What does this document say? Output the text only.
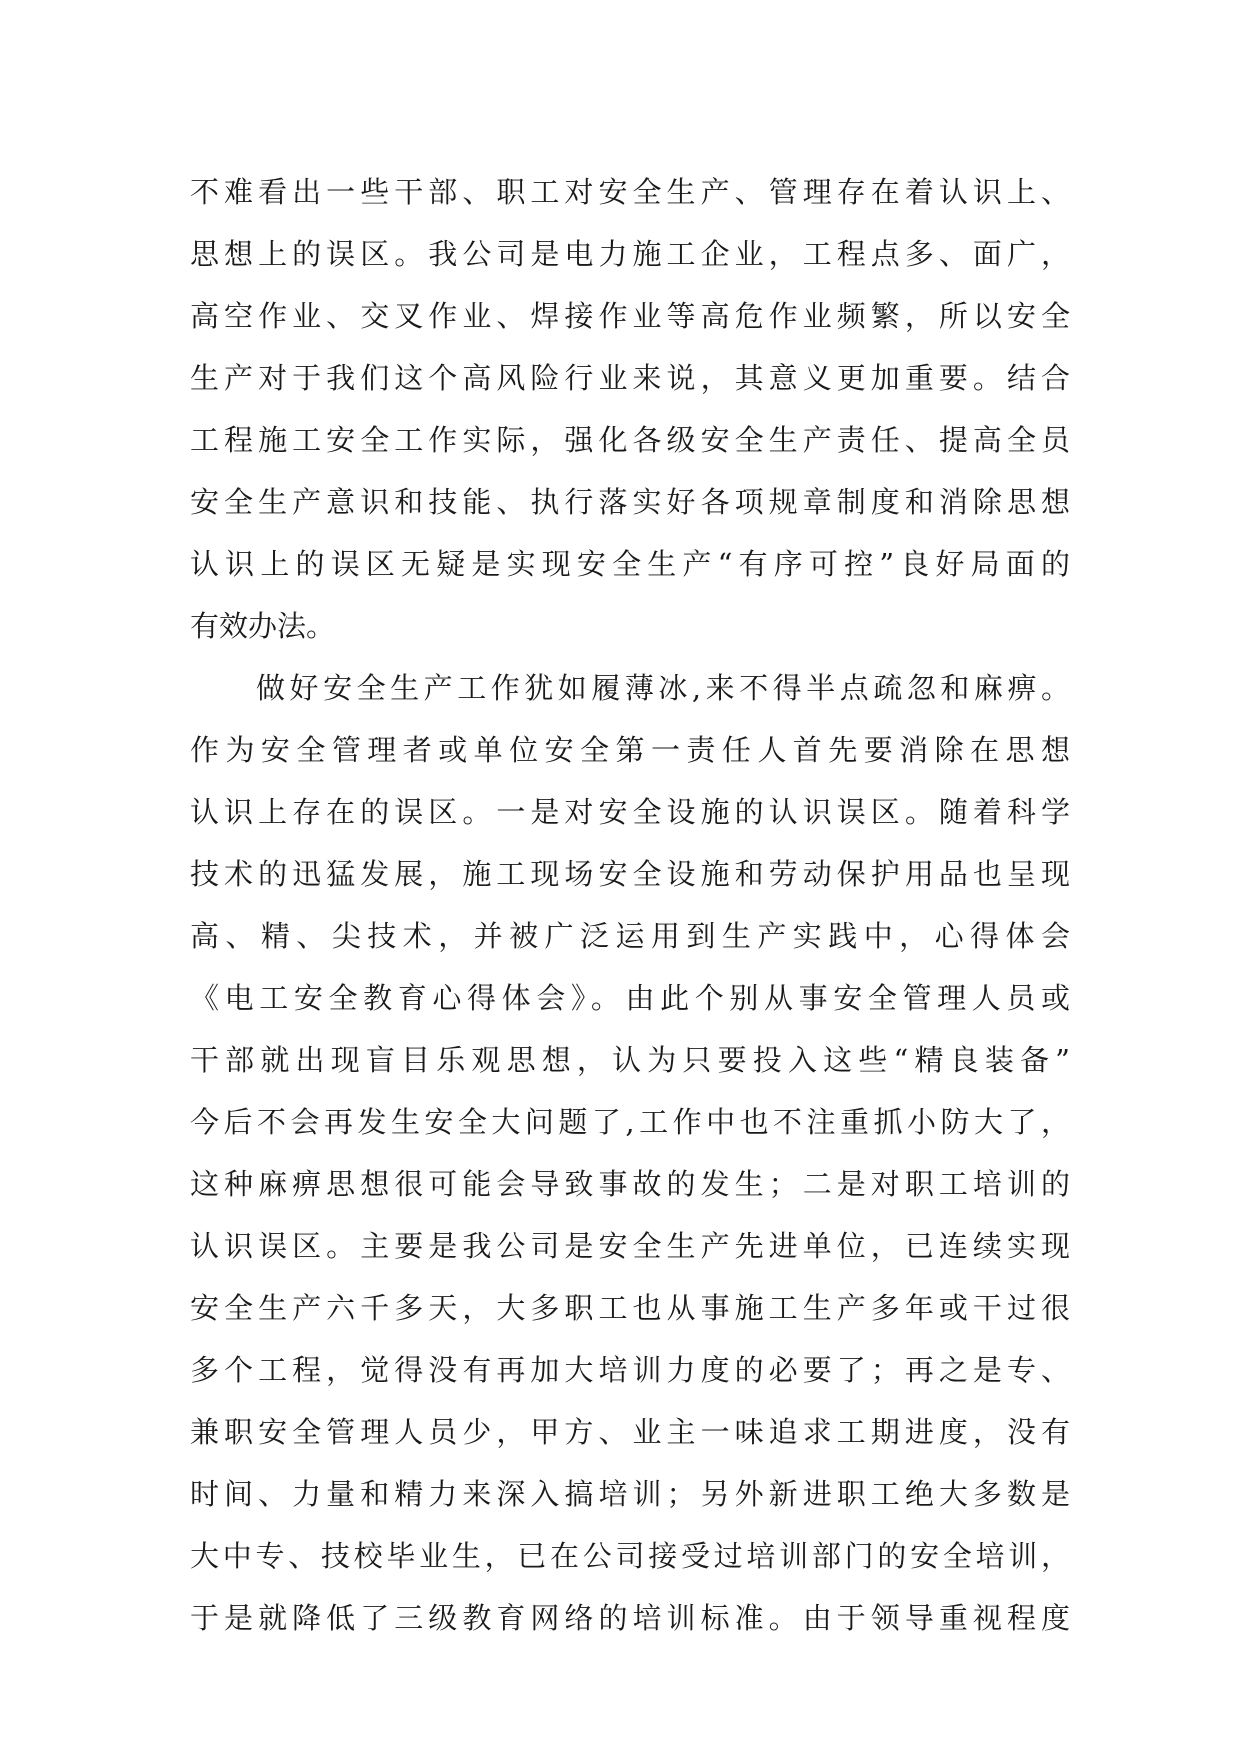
不难看出一些干部、职工对安全生产、管理存在着认识上、
思想上的误区。我公司是电力施工企业，工程点多、面广，
高空作业、交叉作业、焊接作业等高危作业频繁，所以安全
生产对于我们这个高风险行业来说，其意义更加重要。结合
工程施工安全工作实际，强化各级安全生产责任、提高全员
安全生产意识和技能、执行落实好各项规章制度和消除思想
认识上的误区无疑是实现安全生产“有序可控”良好局面的
有效办法。
做好安全生产工作犹如履薄冰,来不得半点疏忽和麻痹。
作为安全管理者或单位安全第一责任人首先要消除在思想
认识上存在的误区。一是对安全设施的认识误区。随着科学
技术的迅猛发展，施工现场安全设施和劳动保护用品也呈现
高、精、尖技术，并被广泛运用到生产实践中，心得体会
《电工安全教育心得体会》。由此个别从事安全管理人员或
干部就出现盲目乐观思想，认为只要投入这些“精良装备”
今后不会再发生安全大问题了,工作中也不注重抓小防大了，
这种麻痹思想很可能会导致事故的发生；二是对职工培训的
认识误区。主要是我公司是安全生产先进单位，已连续实现
安全生产六千多天，大多职工也从事施工生产多年或干过很
多个工程，觉得没有再加大培训力度的必要了；再之是专、
兼职安全管理人员少，甲方、业主一味追求工期进度，没有
时间、力量和精力来深入搞培训；另外新进职工绝大多数是
大中专、技校毕业生，已在公司接受过培训部门的安全培训，
于是就降低了三级教育网络的培训标准。由于领导重视程度
